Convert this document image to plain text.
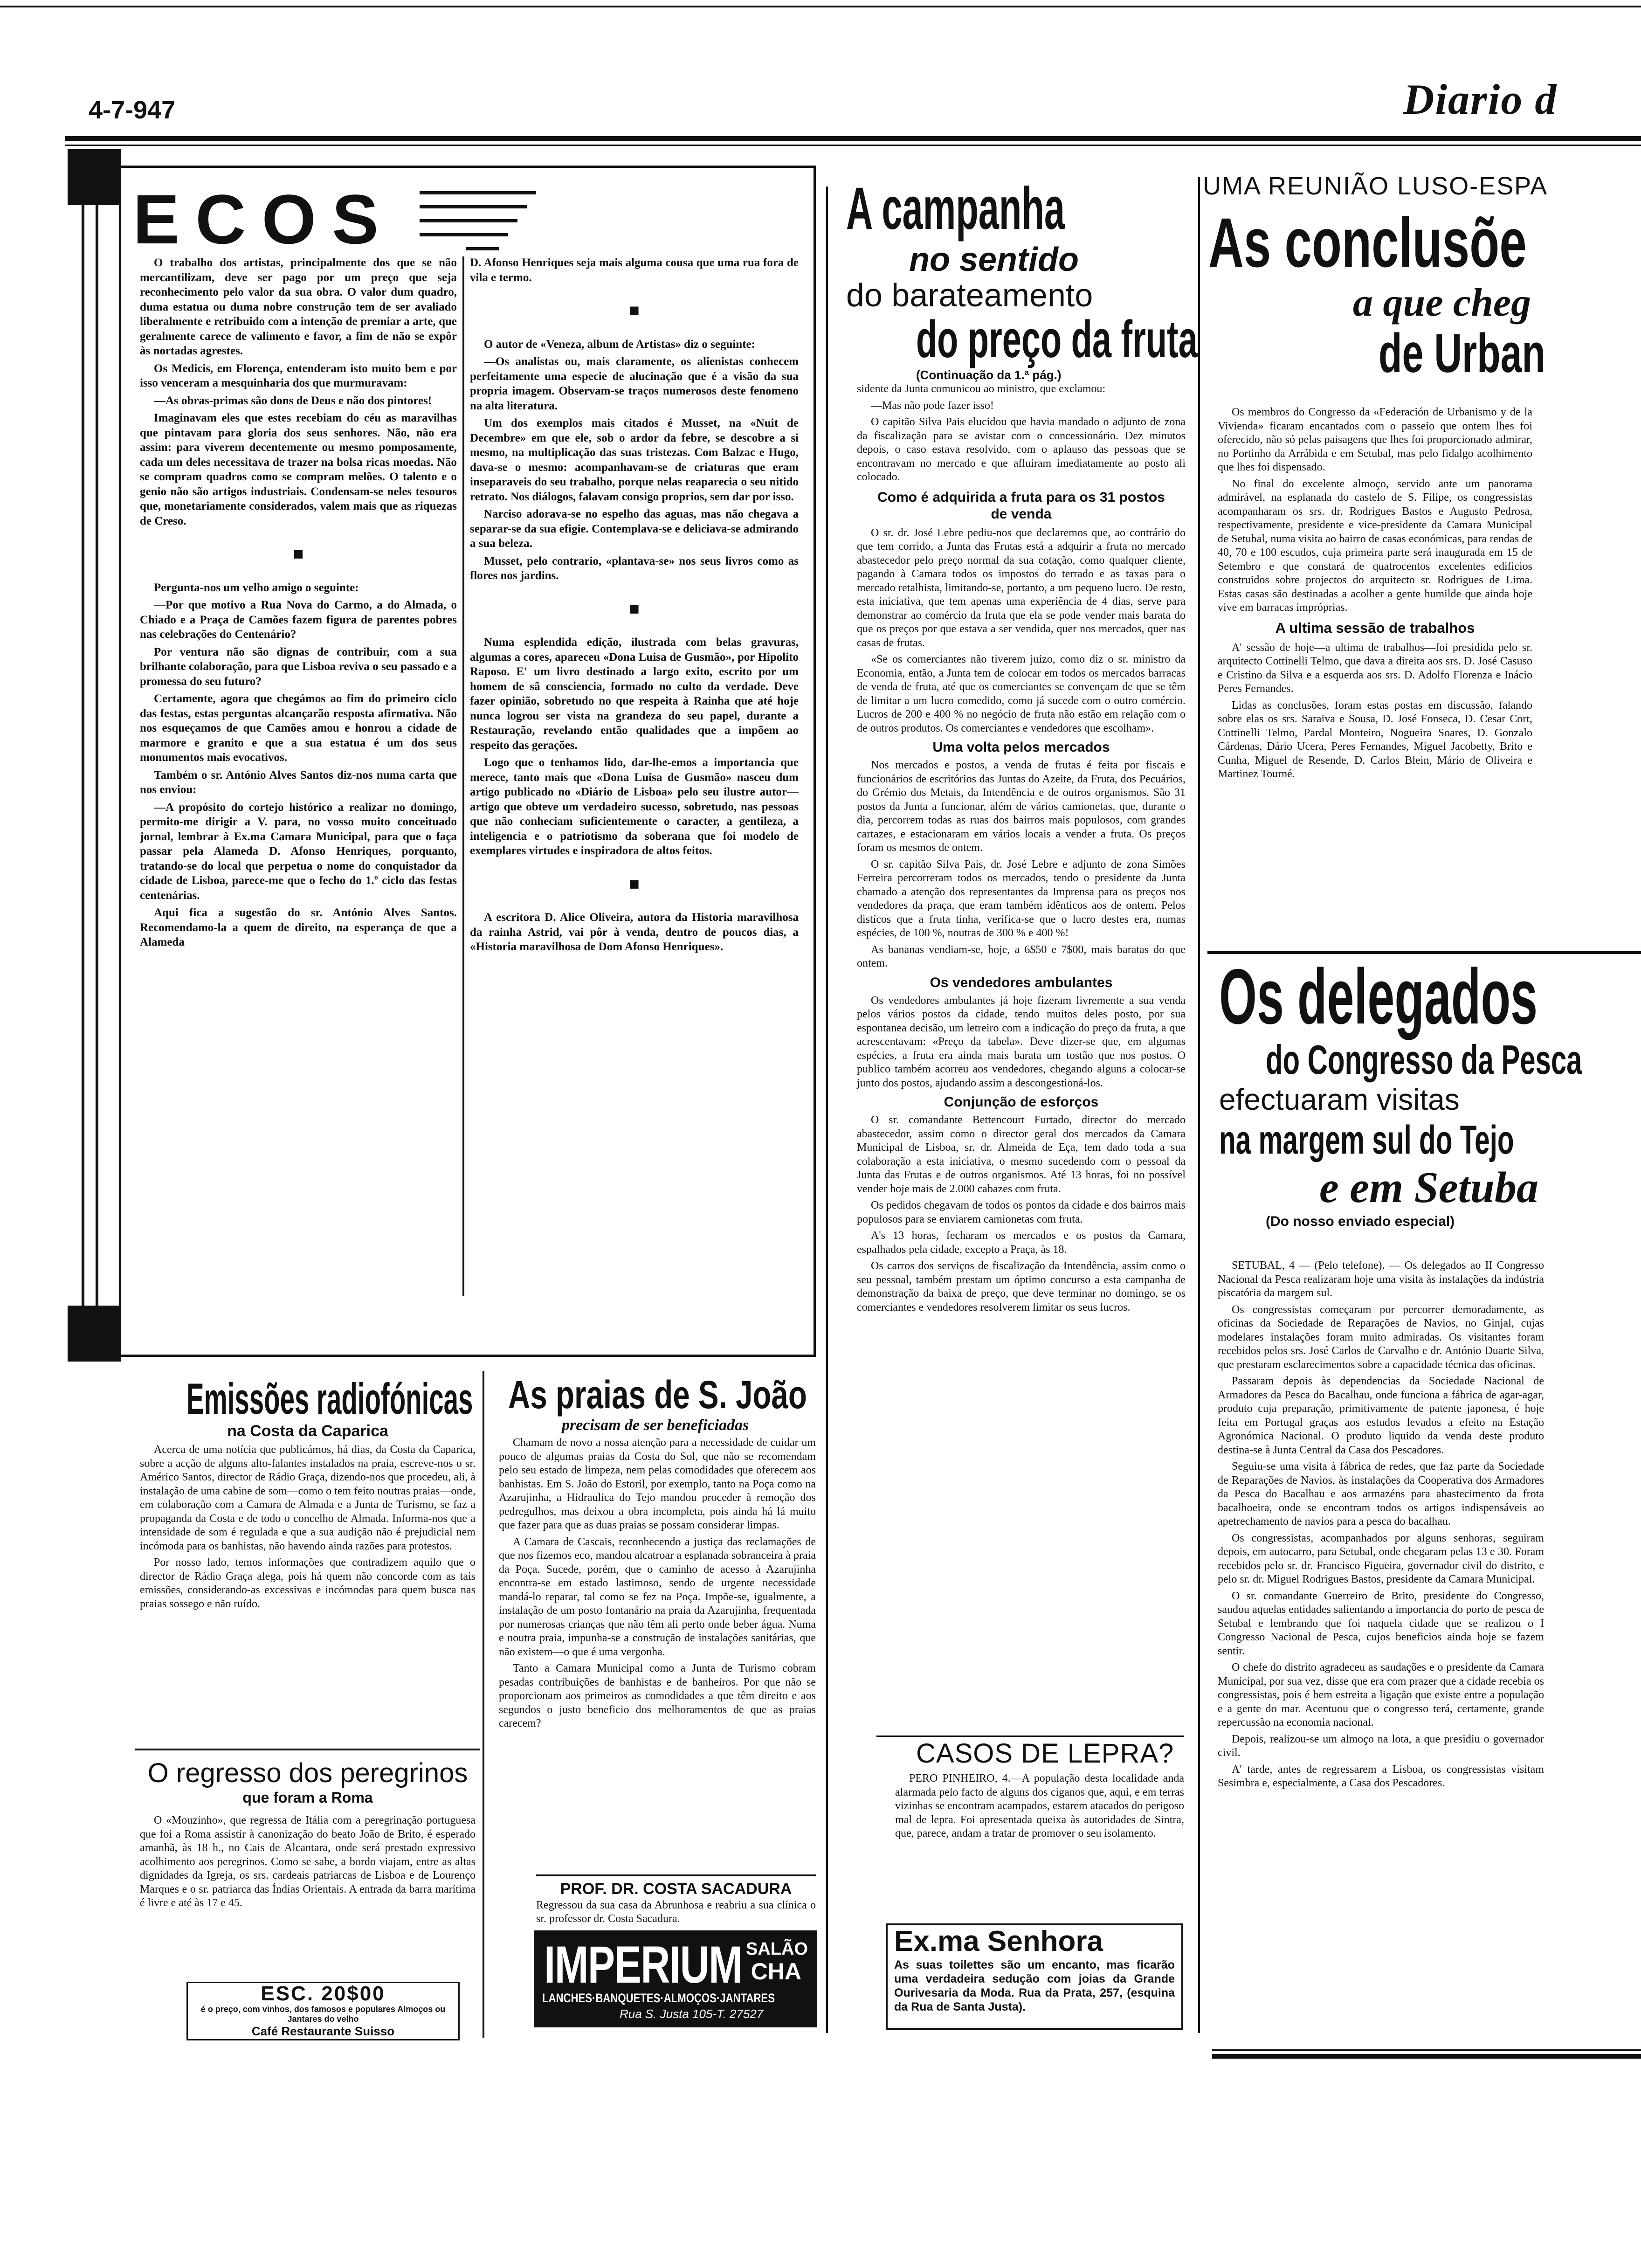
4-7-947	Diario d
ECOS

O trabalho dos artistas, principalmente dos que se não mercantilizam, deve ser pago por um preço que seja reconhecimento pelo valor da sua obra. O valor dum quadro, duma estatua ou duma nobre construção tem de ser avaliado liberalmente e retribuido com a intenção de premiar a arte, que geralmente carece de valimento e favor, a fim de não se expôr às nortadas agrestes.

Os Medicis, em Florença, entenderam isto muito bem e por isso venceram a mesquinharia dos que murmuravam:

—As obras-primas são dons de Deus e não dos pintores!

Imaginavam eles que estes recebiam do céu as maravilhas que pintavam para gloria dos seus senhores. Não, não era assim: para viverem decentemente ou mesmo pomposamente, cada um deles necessitava de trazer na bolsa ricas moedas. Não se compram quadros como se compram melões. O talento e o genio não são artigos industriais. Condensam-se neles tesouros que, monetariamente considerados, valem mais que as riquezas de Creso.

■

Pergunta-nos um velho amigo o seguinte:

—Por que motivo a Rua Nova do Carmo, a do Almada, o Chiado e a Praça de Camões fazem figura de parentes pobres nas celebrações do Centenário?

Por ventura não são dignas de contribuir, com a sua brilhante colaboração, para que Lisboa reviva o seu passado e a promessa do seu futuro?

Certamente, agora que chegámos ao fim do primeiro ciclo das festas, estas perguntas alcançarão resposta afirmativa. Não nos esqueçamos de que Camões amou e honrou a cidade de marmore e granito e que a sua estatua é um dos seus monumentos mais evocativos.

Também o sr. António Alves Santos diz-nos numa carta que nos enviou:

—A propósito do cortejo histórico a realizar no domingo, permito-me dirigir a V. para, no vosso muito conceituado jornal, lembrar à Ex.ma Camara Municipal, para que o faça passar pela Alameda D. Afonso Henriques, porquanto, tratando-se do local que perpetua o nome do conquistador da cidade de Lisboa, parece-me que o fecho do 1.º ciclo das festas centenárias.

Aqui fica a sugestão do sr. António Alves Santos. Recomendamo-la a quem de direito, na esperança de que a Alameda

D. Afonso Henriques seja mais alguma cousa que uma rua fora de vila e termo.

■

O autor de «Veneza, album de Artistas» diz o seguinte:

—Os analistas ou, mais claramente, os alienistas conhecem perfeitamente uma especie de alucinação que é a visão da sua propria imagem. Observam-se traços numerosos deste fenomeno na alta literatura.

Um dos exemplos mais citados é Musset, na «Nuit de Decembre» em que ele, sob o ardor da febre, se descobre a si mesmo, na multiplicação das suas tristezas. Com Balzac e Hugo, dava-se o mesmo: acompanhavam-se de criaturas que eram inseparaveis do seu trabalho, porque nelas reaparecia o seu nitido retrato. Nos diálogos, falavam consigo proprios, sem dar por isso.

Narciso adorava-se no espelho das aguas, mas não chegava a separar-se da sua efigie. Contemplava-se e deliciava-se admirando a sua beleza.

Musset, pelo contrario, «plantava-se» nos seus livros como as flores nos jardins.

■

Numa esplendida edição, ilustrada com belas gravuras, algumas a cores, apareceu «Dona Luisa de Gusmão», por Hipolito Raposo. E' um livro destinado a largo exito, escrito por um homem de sã consciencia, formado no culto da verdade. Deve fazer opinião, sobretudo no que respeita à Rainha que até hoje nunca logrou ser vista na grandeza do seu papel, durante a Restauração, revelando então qualidades que a impõem ao respeito das gerações.

Logo que o tenhamos lido, dar-lhe-emos a importancia que merece, tanto mais que «Dona Luisa de Gusmão» nasceu dum artigo publicado no «Diário de Lisboa» pelo seu ilustre autor—artigo que obteve um verdadeiro sucesso, sobretudo, nas pessoas que não conheciam suficientemente o caracter, a gentileza, a inteligencia e o patriotismo da soberana que foi modelo de exemplares virtudes e inspiradora de altos feitos.

■

A escritora D. Alice Oliveira, autora da Historia maravilhosa da rainha Astrid, vai pôr à venda, dentro de poucos dias, a «Historia maravilhosa de Dom Afonso Henriques».

A campanha
no sentido
do barateamento
do preço da fruta
(Continuação da 1.ª pág.)

sidente da Junta comunicou ao ministro, que exclamou:

—Mas não pode fazer isso!

O capitão Silva Pais elucidou que havia mandado o adjunto de zona da fiscalização para se avistar com o concessionário. Dez minutos depois, o caso estava resolvido, com o aplauso das pessoas que se encontravam no mercado e que afluiram imediatamente ao posto ali colocado.

Como é adquirida a fruta para os 31 postos de venda

O sr. dr. José Lebre pediu-nos que declaremos que, ao contrário do que tem corrido, a Junta das Frutas está a adquirir a fruta no mercado abastecedor pelo preço normal da sua cotação, como qualquer cliente, pagando à Camara todos os impostos do terrado e as taxas para o mercado retalhista, limitando-se, portanto, a um pequeno lucro. De resto, esta iniciativa, que tem apenas uma experiência de 4 dias, serve para demonstrar ao comércio da fruta que ela se pode vender mais barata do que os preços por que estava a ser vendida, quer nos mercados, quer nas casas de frutas.

«Se os comerciantes não tiverem juizo, como diz o sr. ministro da Economia, então, a Junta tem de colocar em todos os mercados barracas de venda de fruta, até que os comerciantes se convençam de que se têm de limitar a um lucro comedido, como já sucede com o outro comércio. Lucros de 200 e 400 % no negócio de fruta não estão em relação com o de outros produtos. Os comerciantes e vendedores que escolham».

Uma volta pelos mercados

Nos mercados e postos, a venda de frutas é feita por fiscais e funcionários de escritórios das Juntas do Azeite, da Fruta, dos Pecuários, do Grémio dos Metais, da Intendência e de outros organismos. São 31 postos da Junta a funcionar, além de vários camionetas, que, durante o dia, percorrem todas as ruas dos bairros mais populosos, com grandes cartazes, e estacionaram em vários locais a vender a fruta. Os preços foram os mesmos de ontem.

O sr. capitão Silva Pais, dr. José Lebre e adjunto de zona Simões Ferreira percorreram todos os mercados, tendo o presidente da Junta chamado a atenção dos representantes da Imprensa para os preços nos vendedores da praça, que eram também idênticos aos de ontem. Pelos distícos que a fruta tinha, verifica-se que o lucro destes era, numas espécies, de 100 %, noutras de 300 % e 400 %!

As bananas vendiam-se, hoje, a 6$50 e 7$00, mais baratas do que ontem.

Os vendedores ambulantes

Os vendedores ambulantes já hoje fizeram livremente a sua venda pelos vários postos da cidade, tendo muitos deles posto, por sua espontanea decisão, um letreiro com a indicação do preço da fruta, a que acrescentavam: «Preço da tabela». Deve dizer-se que, em algumas espécies, a fruta era ainda mais barata um tostão que nos postos. O publico também acorreu aos vendedores, chegando alguns a colocar-se junto dos postos, ajudando assim a descongestioná-los.

Conjunção de esforços

O sr. comandante Bettencourt Furtado, director do mercado abastecedor, assim como o director geral dos mercados da Camara Municipal de Lisboa, sr. dr. Almeida de Eça, tem dado toda a sua colaboração a esta iniciativa, o mesmo sucedendo com o pessoal da Junta das Frutas e de outros organismos. Até 13 horas, foi no possível vender hoje mais de 2.000 cabazes com fruta.

Os pedidos chegavam de todos os pontos da cidade e dos bairros mais populosos para se enviarem camionetas com fruta.

A's 13 horas, fecharam os mercados e os postos da Camara, espalhados pela cidade, excepto a Praça, às 18.

Os carros dos serviços de fiscalização da Intendência, assim como o seu pessoal, também prestam um óptimo concurso a esta campanha de demonstração da baixa de preço, que deve terminar no domingo, se os comerciantes e vendedores resolverem limitar os seus lucros.

UMA REUNIÃO LUSO-ESPA
As conclusõe
a que cheg
de Urban

Os membros do Congresso da «Federación de Urbanismo y de la Vivienda» ficaram encantados com o passeio que ontem lhes foi oferecido, não só pelas paisagens que lhes foi proporcionado admirar, no Portinho da Arrábida e em Setubal, mas pelo fidalgo acolhimento que lhes foi dispensado.

No final do excelente almoço, servido ante um panorama admirável, na esplanada do castelo de S. Filipe, os congressistas acompanharam os srs. dr. Rodrigues Bastos e Augusto Pedrosa, respectivamente, presidente e vice-presidente da Camara Municipal de Setubal, numa visita ao bairro de casas económicas, para rendas de 40, 70 e 100 escudos, cuja primeira parte será inaugurada em 15 de Setembro e que constará de quatrocentos excelentes edificios construidos sobre projectos do arquitecto sr. Rodrigues de Lima. Estas casas são destinadas a acolher a gente humilde que ainda hoje vive em barracas impróprias.

A ultima sessão de trabalhos

A' sessão de hoje—a ultima de trabalhos—foi presidida pelo sr. arquitecto Cottinelli Telmo, que dava a direita aos srs. D. José Casuso e Cristino da Silva e a esquerda aos srs. D. Adolfo Florenza e Inácio Peres Fernandes.

Lidas as conclusões, foram estas postas em discussão, falando sobre elas os srs. Saraiva e Sousa, D. José Fonseca, D. Cesar Cort, Cottinelli Telmo, Pardal Monteiro, Nogueira Soares, D. Gonzalo Cárdenas, Dário Ucera, Peres Fernandes, Miguel Jacobetty, Brito e Cunha, Miguel de Resende, D. Carlos Blein, Mário de Oliveira e Martinez Tourné.

Os delegados do Congresso da Pesca
efectuaram visitas
na margem sul do Tejo
e em Setuba
(Do nosso enviado especial)

SETUBAL, 4 — (Pelo telefone). — Os delegados ao II Congresso Nacional da Pesca realizaram hoje uma visita às instalações da indústria piscatória da margem sul.

Os congressistas começaram por percorrer demoradamente, as oficinas da Sociedade de Reparações de Navios, no Ginjal, cujas modelares instalações foram muito admiradas. Os visitantes foram recebidos pelos srs. José Carlos de Carvalho e dr. António Duarte Silva, que prestaram esclarecimentos sobre a capacidade técnica das oficinas.

Passaram depois às dependencias da Sociedade Nacional de Armadores da Pesca do Bacalhau, onde funciona a fábrica de agar-agar, produto cuja preparação, primitivamente de patente japonesa, é hoje feita em Portugal graças aos estudos levados a efeito na Estação Agronómica Nacional. O produto liquido da venda deste produto destina-se à Junta Central da Casa dos Pescadores.

Seguiu-se uma visita à fábrica de redes, que faz parte da Sociedade de Reparações de Navios, às instalações da Cooperativa dos Armadores da Pesca do Bacalhau e aos armazéns para abastecimento da frota bacalhoeira, onde se encontram todos os artigos indispensáveis ao apetrechamento de navios para a pesca do bacalhau.

Os congressistas, acompanhados por alguns senhoras, seguiram depois, em autocarro, para Setubal, onde chegaram pelas 13 e 30. Foram recebidos pelo sr. dr. Francisco Figueira, governador civil do distrito, e pelo sr. dr. Miguel Rodrigues Bastos, presidente da Camara Municipal.

O sr. comandante Guerreiro de Brito, presidente do Congresso, saudou aquelas entidades salientando a importancia do porto de pesca de Setubal e lembrando que foi naquela cidade que se realizou o I Congresso Nacional de Pesca, cujos beneficios ainda hoje se fazem sentir.

O chefe do distrito agradeceu as saudações e o presidente da Camara Municipal, por sua vez, disse que era com prazer que a cidade recebia os congressistas, pois é bem estreita a ligação que existe entre a população e a gente do mar. Acentuou que o congresso terá, certamente, grande repercussão na economia nacional.

Depois, realizou-se um almoço na lota, a que presidiu o governador civil.

A' tarde, antes de regressarem a Lisboa, os congressistas visitam Sesimbra e, especialmente, a Casa dos Pescadores.

Emissões radiofónicas
na Costa da Caparica

Acerca de uma notícia que publicámos, há dias, da Costa da Caparica, sobre a acção de alguns alto-falantes instalados na praia, escreve-nos o sr. Américo Santos, director de Rádio Graça, dizendo-nos que procedeu, ali, à instalação de uma cabine de som—como o tem feito noutras praias—onde, em colaboração com a Camara de Almada e a Junta de Turismo, se faz a propaganda da Costa e de todo o concelho de Almada. Informa-nos que a intensidade de som é regulada e que a sua audição não é prejudicial nem incómoda para os banhistas, não havendo ainda razões para protestos.

Por nosso lado, temos informações que contradizem aquilo que o director de Rádio Graça alega, pois há quem não concorde com as tais emissões, considerando-as excessivas e incómodas para quem busca nas praias sossego e não ruído.

O regresso dos peregrinos
que foram a Roma

O «Mouzinho», que regressa de Itália com a peregrinação portuguesa que foi a Roma assistir à canonização do beato João de Brito, é esperado amanhã, às 18 h., no Cais de Alcantara, onde será prestado expressivo acolhimento aos peregrinos. Como se sabe, a bordo viajam, entre as altas dignidades da Igreja, os srs. cardeais patriarcas de Lisboa e de Lourenço Marques e o sr. patriarca das Índias Orientais. A entrada da barra marítima é livre e até às 17 e 45.

ESC. 20$00
é o preço, com vinhos, dos famosos e populares Almoços ou Jantares do velho
Café Restaurante Suisso
As praias de S. João
precisam de ser beneficiadas

Chamam de novo a nossa atenção para a necessidade de cuidar um pouco de algumas praias da Costa do Sol, que não se recomendam pelo seu estado de limpeza, nem pelas comodidades que oferecem aos banhistas. Em S. João do Estoril, por exemplo, tanto na Poça como na Azarujinha, a Hidraulica do Tejo mandou proceder à remoção dos pedregulhos, mas deixou a obra incompleta, pois ainda há lá muito que fazer para que as duas praias se possam considerar limpas.

A Camara de Cascais, reconhecendo a justiça das reclamações de que nos fizemos eco, mandou alcatroar a esplanada sobranceira à praia da Poça. Sucede, porém, que o caminho de acesso à Azarujinha encontra-se em estado lastimoso, sendo de urgente necessidade mandá-lo reparar, tal como se fez na Poça. Impõe-se, igualmente, a instalação de um posto fontanário na praia da Azarujinha, frequentada por numerosas crianças que não têm ali perto onde beber água. Numa e noutra praia, impunha-se a construção de instalações sanitárias, que não existem—o que é uma vergonha.

Tanto a Camara Municipal como a Junta de Turismo cobram pesadas contribuições de banhistas e de banheiros. Por que não se proporcionam aos primeiros as comodidades a que têm direito e aos segundos o justo beneficio dos melhoramentos de que as praias carecem?

PROF. DR. COSTA SACADURA
Regressou da sua casa da Abrunhosa e reabriu a sua clínica o sr. professor dr. Costa Sacadura.
IMPERIUM SALÃO
CHA
LANCHES·BANQUETES·ALMOÇOS·JANTARES
Rua S. Justa 105-T. 27527
CASOS DE LEPRA?

PERO PINHEIRO, 4.—A população desta localidade anda alarmada pelo facto de alguns dos ciganos que, aqui, e em terras vizinhas se encontram acampados, estarem atacados do perigoso mal de lepra. Foi apresentada queixa às autoridades de Sintra, que, parece, andam a tratar de promover o seu isolamento.

Ex.ma Senhora
As suas toilettes são um encanto, mas ficarão uma verdadeira sedução com joias da Grande Ourivesaria da Moda. Rua da Prata, 257, (esquina da Rua de Santa Justa).
